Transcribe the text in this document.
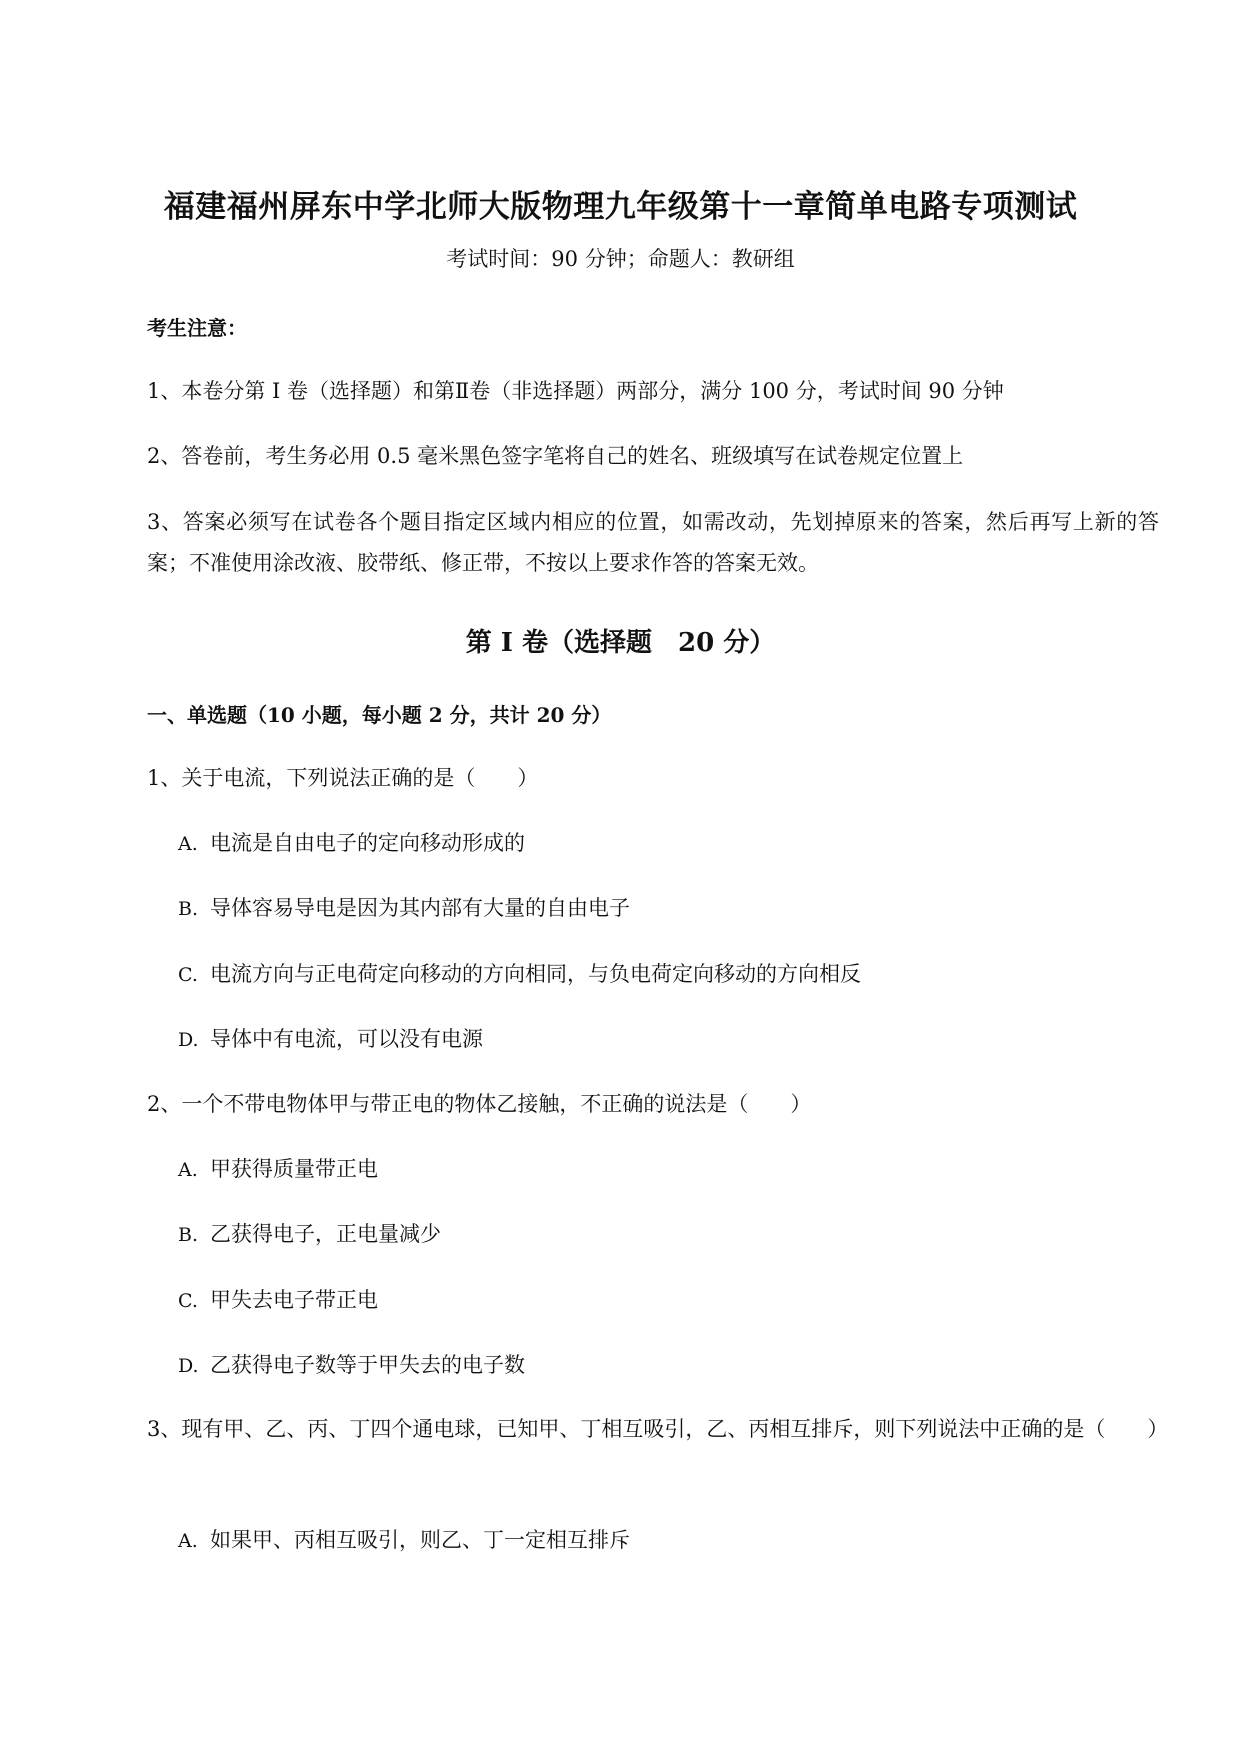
福建福州屏东中学北师大版物理九年级第十一章简单电路专项测试
考试时间：90 分钟；命题人：教研组
考生注意：
1、本卷分第 I 卷（选择题）和第Ⅱ卷（非选择题）两部分，满分 100 分，考试时间 90 分钟
2、答卷前，考生务必用 0.5 毫米黑色签字笔将自己的姓名、班级填写在试卷规定位置上
3、答案必须写在试卷各个题目指定区域内相应的位置，如需改动，先划掉原来的答案，然后再写上新的答案；不准使用涂改液、胶带纸、修正带，不按以上要求作答的答案无效。
第 I 卷（选择题　20 分）
一、单选题（10 小题，每小题 2 分，共计 20 分）
1、关于电流，下列说法正确的是（　　）
A. 电流是自由电子的定向移动形成的
B. 导体容易导电是因为其内部有大量的自由电子
C. 电流方向与正电荷定向移动的方向相同，与负电荷定向移动的方向相反
D. 导体中有电流，可以没有电源
2、一个不带电物体甲与带正电的物体乙接触，不正确的说法是（　　）
A. 甲获得质量带正电
B. 乙获得电子，正电量减少
C. 甲失去电子带正电
D. 乙获得电子数等于甲失去的电子数
3、现有甲、乙、丙、丁四个通电球，已知甲、丁相互吸引，乙、丙相互排斥，则下列说法中正确的是（　　）
A. 如果甲、丙相互吸引，则乙、丁一定相互排斥
